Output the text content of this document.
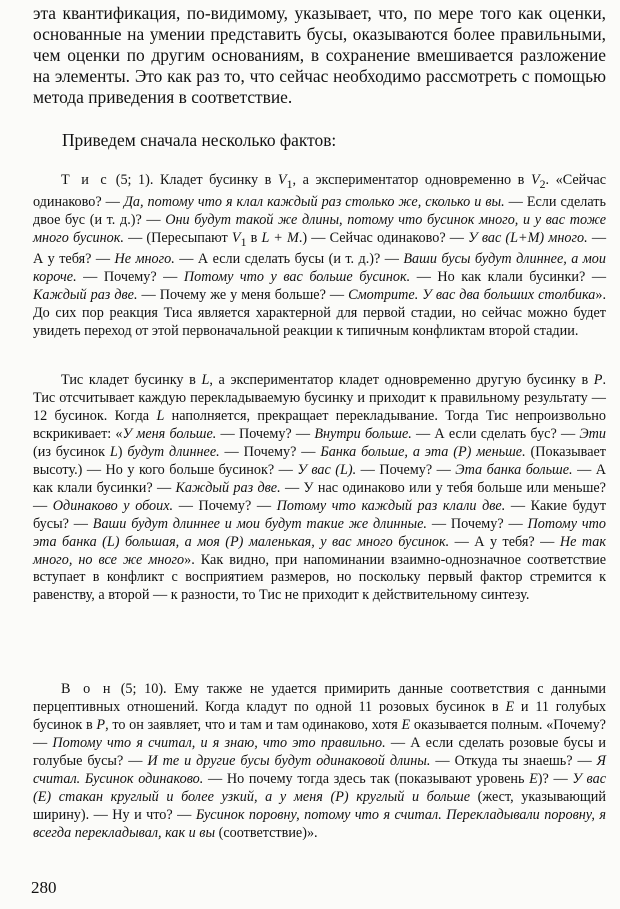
эта квантификация, по-видимому, указывает, что, по мере того как оценки, основанные на умении представить бусы, оказываются более правильными, чем оценки по другим основаниям, в сохранение вмешивается разложение на элементы. Это как раз то, что сейчас необходимо рассмотреть с помощью метода приведения в соответствие.

Приведем сначала несколько фактов:

Т и с (5; 1). Кладет бусинку в $V_1$, а экспериментатор одновременно в $V_2$. «Сейчас одинаково? — Да, потому что я клал каждый раз столько же, сколько и вы. — Если сделать двое бус (и т. д.)? — Они будут такой же длины, потому что бусинок много, и у вас тоже много бусинок. — (Пересыпают $V_1$ в L + M.) — Сейчас одинаково? — У вас (L+M) много. — А у тебя? — Не много. — А если сделать бусы (и т. д.)? — Ваши бусы будут длиннее, а мои короче. — Почему? — Потому что у вас больше бусинок. — Но как клали бусинки? — Каждый раз две. — Почему же у меня больше? — Смотрите. У вас два больших столбика». До сих пор реакция Тиса является характерной для первой стадии, но сейчас можно будет увидеть переход от этой первоначальной реакции к типичным конфликтам второй стадии.

Тис кладет бусинку в L, а экспериментатор кладет одновременно другую бусинку в P. Тис отсчитывает каждую перекладываемую бусинку и приходит к правильному результату — 12 бусинок. Когда L наполняется, прекращает перекладывание. Тогда Тис непроизвольно вскрикивает: «У меня больше. — Почему? — Внутри больше. — А если сделать бус? — Эти (из бусинок L) будут длиннее. — Почему? — Банка больше, а эта (P) меньше. (Показывает высоту.) — Но у кого больше бусинок? — У вас (L). — Почему? — Эта банка больше. — А как клали бусинки? — Каждый раз две. — У нас одинаково или у тебя больше или меньше? — Одинаково у обоих. — Почему? — Потому что каждый раз клали две. — Какие будут бусы? — Ваши будут длиннее и мои будут такие же длинные. — Почему? — Потому что эта банка (L) большая, а моя (P) маленькая, у вас много бусинок. — А у тебя? — Не так много, но все же много». Как видно, при напоминании взаимно-однозначное соответствие вступает в конфликт с восприятием размеров, но поскольку первый фактор стремится к равенству, а второй — к разности, то Тис не приходит к действительному синтезу.

В о н (5; 10). Ему также не удается примирить данные соответствия с данными перцептивных отношений. Когда кладут по одной 11 розовых бусинок в E и 11 голубых бусинок в P, то он заявляет, что и там и там одинаково, хотя E оказывается полным. «Почему? — Потому что я считал, и я знаю, что это правильно. — А если сделать розовые бусы и голубые бусы? — И те и другие бусы будут одинаковой длины. — Откуда ты знаешь? — Я считал. Бусинок одинаково. — Но почему тогда здесь так (показывают уровень E)? — У вас (E) стакан круглый и более узкий, а у меня (P) круглый и больше (жест, указывающий ширину). — Ну и что? — Бусинок поровну, потому что я считал. Перекладывали поровну, я всегда перекладывал, как и вы (соответствие)».

280
